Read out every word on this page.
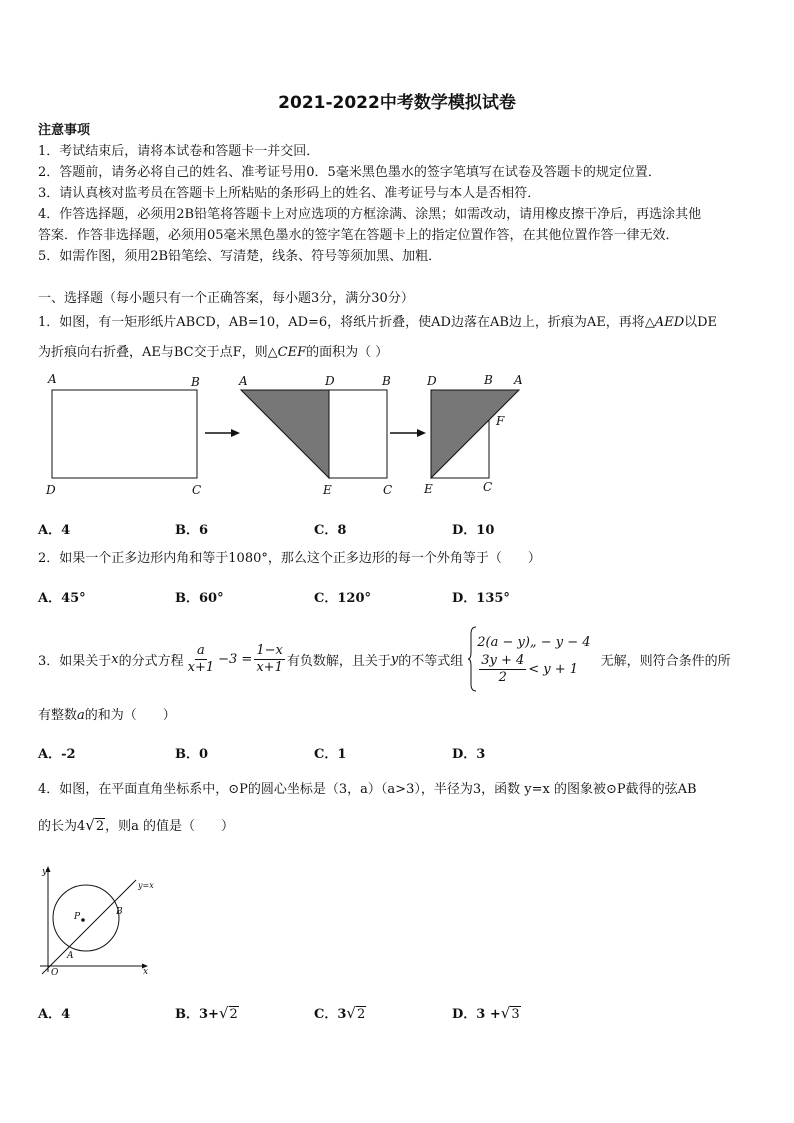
2021-2022中考数学模拟试卷
注意事项
1．考试结束后，请将本试卷和答题卡一并交回．
2．答题前，请务必将自己的姓名、准考证号用0．5毫米黑色墨水的签字笔填写在试卷及答题卡的规定位置．
3．请认真核对监考员在答题卡上所粘贴的条形码上的姓名、准考证号与本人是否相符．
4．作答选择题，必须用2B铅笔将答题卡上对应选项的方框涂满、涂黑；如需改动，请用橡皮擦干净后，再选涂其他
答案．作答非选择题，必须用05毫米黑色墨水的签字笔在答题卡上的指定位置作答，在其他位置作答一律无效．
5．如需作图，须用2B铅笔绘、写清楚，线条、符号等须加黑、加粗．
一、选择题（每小题只有一个正确答案，每小题3分，满分30分）
1．如图，有一矩形纸片ABCD，AB=10，AD=6，将纸片折叠，使AD边落在AB边上，折痕为AE，再将△AED以DE
为折痕向右折叠，AE与BC交于点F，则△CEF的面积为（ ）
A	B
D	C
A	D	B
E	C
D	B A
F
E	C
A．4	B．6	C．8	D．10
2．如果一个正多边形内角和等于1080°，那么这个正多边形的每一个外角等于（　　）
A．45°	B．60°	C．120°	D．135°
3．如果关于 x 的分式方程 $\frac{a}{x+1} -3 = \frac{1-x}{x+1}$ 有负数解，且关于 y 的不等式组
2(a − y)„ − y − 4
$\frac{3y + 4}{2} < y + 1$
无解，则符合条件的所
有整数a的和为（　　）
A．-2	B．0	C．1	D．3
4．如图，在平面直角坐标系中，⊙P的圆心坐标是（3，a）（a>3），半径为3，函数 y=x 的图象被⊙P截得的弦AB
的长为4√2，则a 的值是（　　）
y
x
O
P
A
B
y=x
A．4	B．3+√2	C．3√2	D．3 +√3
